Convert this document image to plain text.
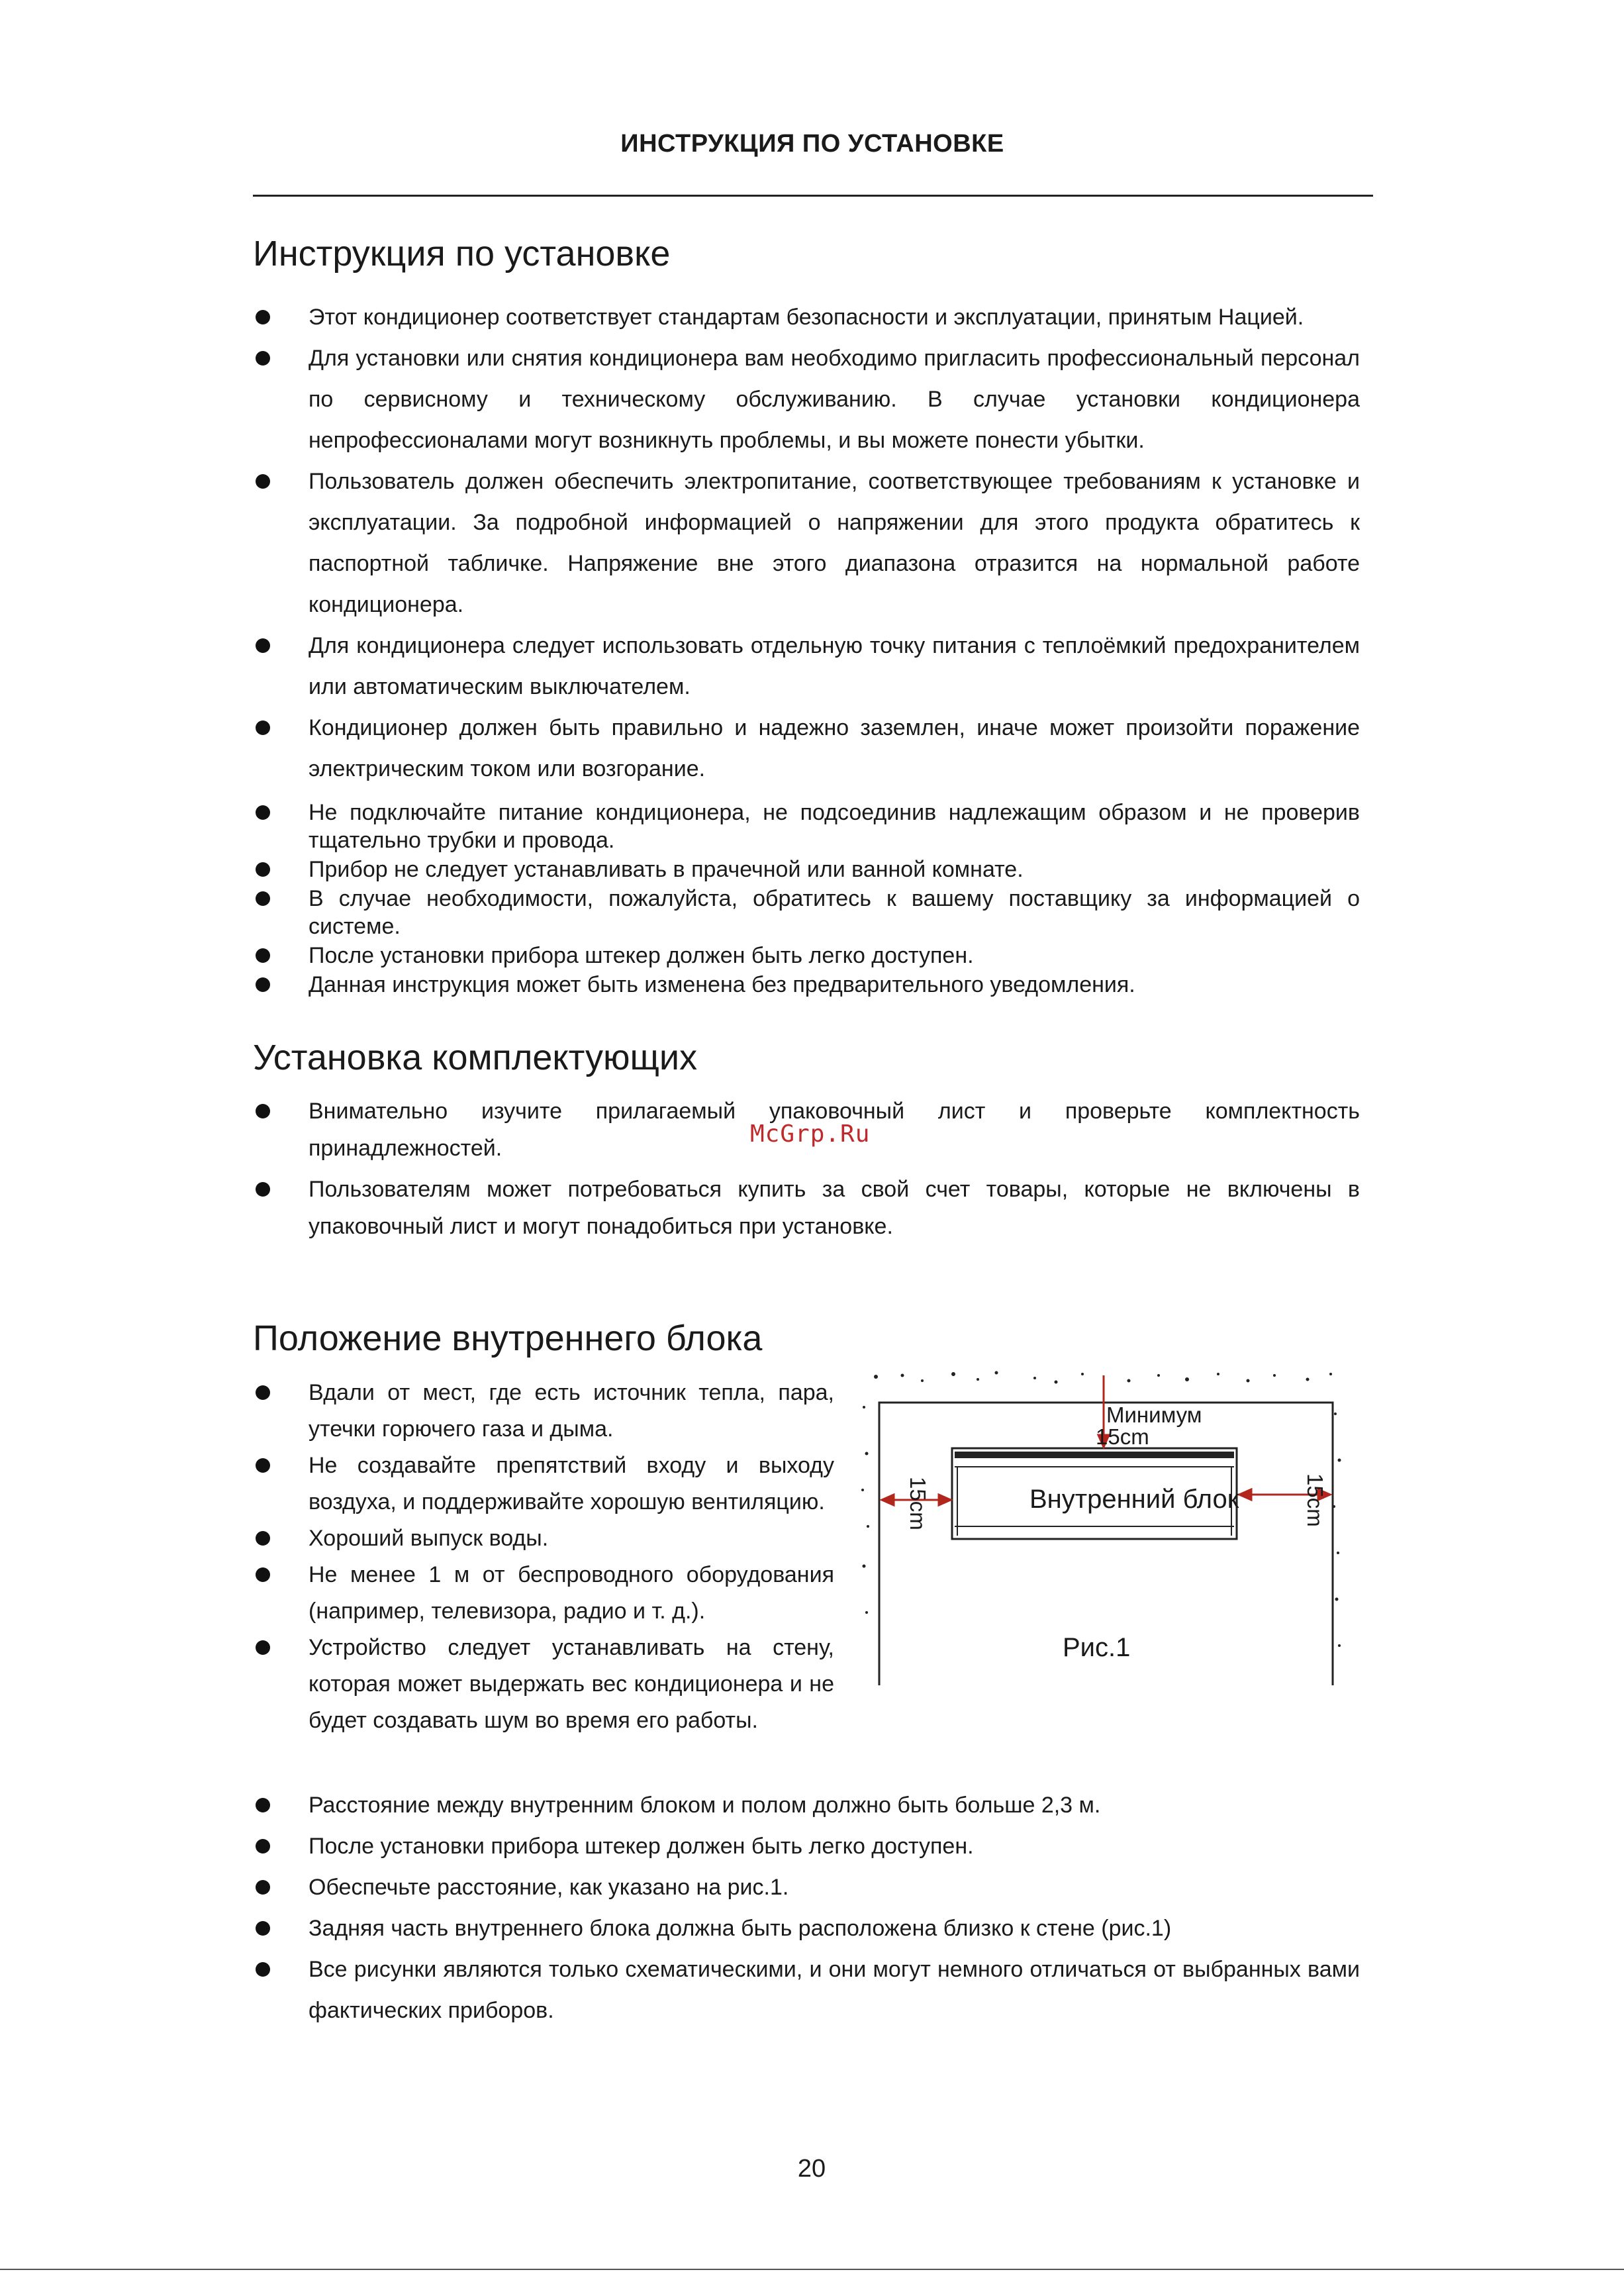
ИНСТРУКЦИЯ ПО УСТАНОВКЕ
Инструкция по установке
Этот кондиционер соответствует стандартам безопасности и эксплуатации, принятым Нацией.
Для установки или снятия кондиционера вам необходимо пригласить профессиональный персонал по сервисному и техническому обслуживанию. В случае установки кондиционера непрофессионалами могут возникнуть проблемы, и вы можете понести убытки.
Пользователь должен обеспечить электропитание, соответствующее требованиям к установке и эксплуатации. За подробной информацией о напряжении для этого продукта обратитесь к паспортной табличке. Напряжение вне этого диапазона отразится на нормальной работе кондиционера.
Для кондиционера следует использовать отдельную точку питания с теплоёмкий предохранителем или автоматическим выключателем.
Кондиционер должен быть правильно и надежно заземлен, иначе может произойти поражение электрическим током или возгорание.
Не подключайте питание кондиционера, не подсоединив надлежащим образом и не проверив тщательно трубки и провода.
Прибор не следует устанавливать в прачечной или ванной комнате.
В случае необходимости, пожалуйста, обратитесь к вашему поставщику за информацией о системе.
После установки прибора штекер должен быть легко доступен.
Данная инструкция может быть изменена без предварительного уведомления.
Установка комплектующих
Внимательно изучите прилагаемый упаковочный лист и проверьте комплектность принадлежностей.
Пользователям может потребоваться купить за свой счет товары, которые не включены в упаковочный лист и могут понадобиться при установке.
McGrp.Ru
Положение внутреннего блока
Вдали от мест, где есть источник тепла, пара, утечки горючего газа и дыма.
Не создавайте препятствий входу и выходу воздуха, и поддерживайте хорошую вентиляцию.
Хороший выпуск воды.
Не менее 1 м от беспроводного оборудования (например, телевизора, радио и т. д.).
Устройство следует устанавливать на стену, которая может выдержать вес кондиционера и не будет создавать шум во время его работы.
Расстояние между внутренним блоком и полом должно быть больше 2,3 м.
После установки прибора штекер должен быть легко доступен.
Обеспечьте расстояние, как указано на рис.1.
Задняя часть внутреннего блока должна быть расположена близко к стене (рис.1)
Все рисунки являются только схематическими, и они могут немного отличаться от выбранных вами фактических приборов.
Минимум
15cm
15cm	15cm
Внутренний блок
Рис.1
20
